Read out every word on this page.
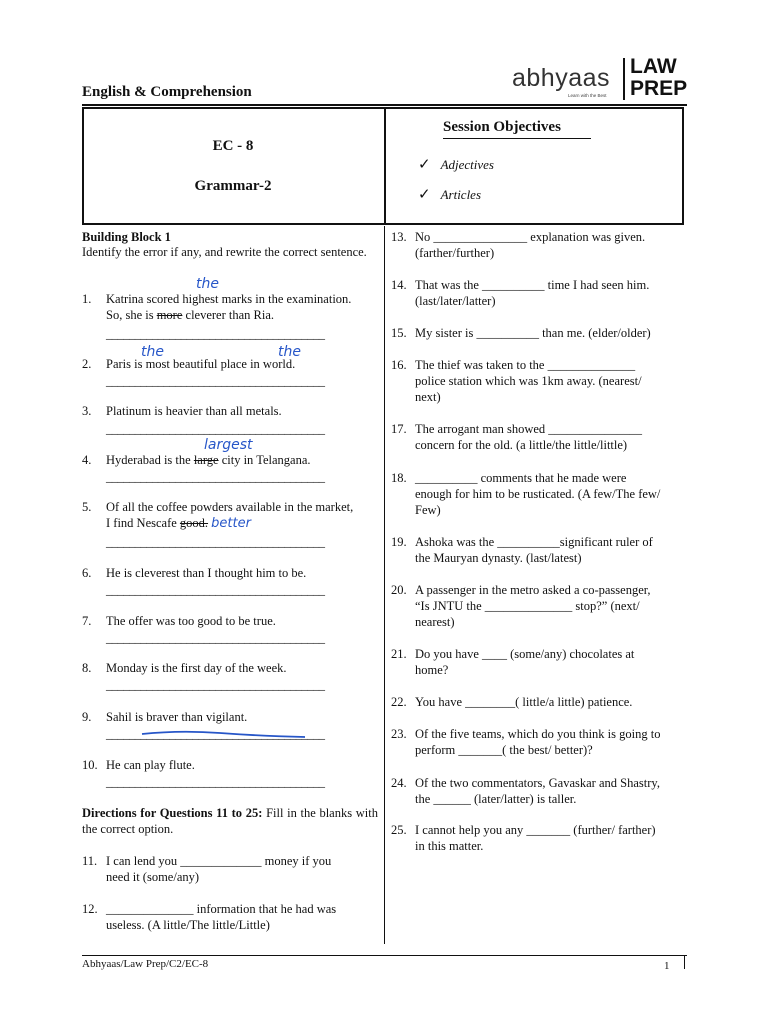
English & Comprehension	abhyaas
Learn with the Best
LAW
PREP
EC - 8
Grammar-2
Session Objectives
✓ Adjectives
✓ Articles
Building Block 1
Identify the error if any, and rewrite the correct sentence.
the
1.	Katrina scored highest marks in the examination.
So, she is more cleverer than Ria.
______________________________________
the	the
2.	Paris is most beautiful place in world.
______________________________________
3.	Platinum is heavier than all metals.
______________________________________
largest
4.	Hyderabad is the large city in Telangana.
______________________________________
5.	Of all the coffee powders available in the market,
I find Nescafe good. better
______________________________________
6.	He is cleverest than I thought him to be.
______________________________________
7.	The offer was too good to be true.
______________________________________
8.	Monday is the first day of the week.
______________________________________
9.	Sahil is braver than vigilant.
______________________________________
10. He can play flute.
______________________________________
Directions for Questions 11 to 25: Fill in the blanks with the correct option.
11. I can lend you _____________ money if you
need it (some/any)
12. ______________ information that he had was
useless. (A little/The little/Little)
13. No _______________ explanation was given.
(farther/further)
14. That was the __________ time I had seen him.
(last/later/latter)
15. My sister is __________ than me. (elder/older)
16. The thief was taken to the ______________
police station which was 1km away. (nearest/
next)
17. The arrogant man showed _______________
concern for the old. (a little/the little/little)
18. __________ comments that he made were
enough for him to be rusticated. (A few/The few/
Few)
19. Ashoka was the __________significant ruler of
the Mauryan dynasty. (last/latest)
20. A passenger in the metro asked a co-passenger,
“Is JNTU the ______________ stop?” (next/
nearest)
21. Do you have ____ (some/any) chocolates at
home?
22. You have ________( little/a little) patience.
23. Of the five teams, which do you think is going to
perform _______( the best/ better)?
24. Of the two commentators, Gavaskar and Shastry,
the ______ (later/latter) is taller.
25. I cannot help you any _______ (further/ farther)
in this matter.
Abhyaas/Law Prep/C2/EC-8	1
